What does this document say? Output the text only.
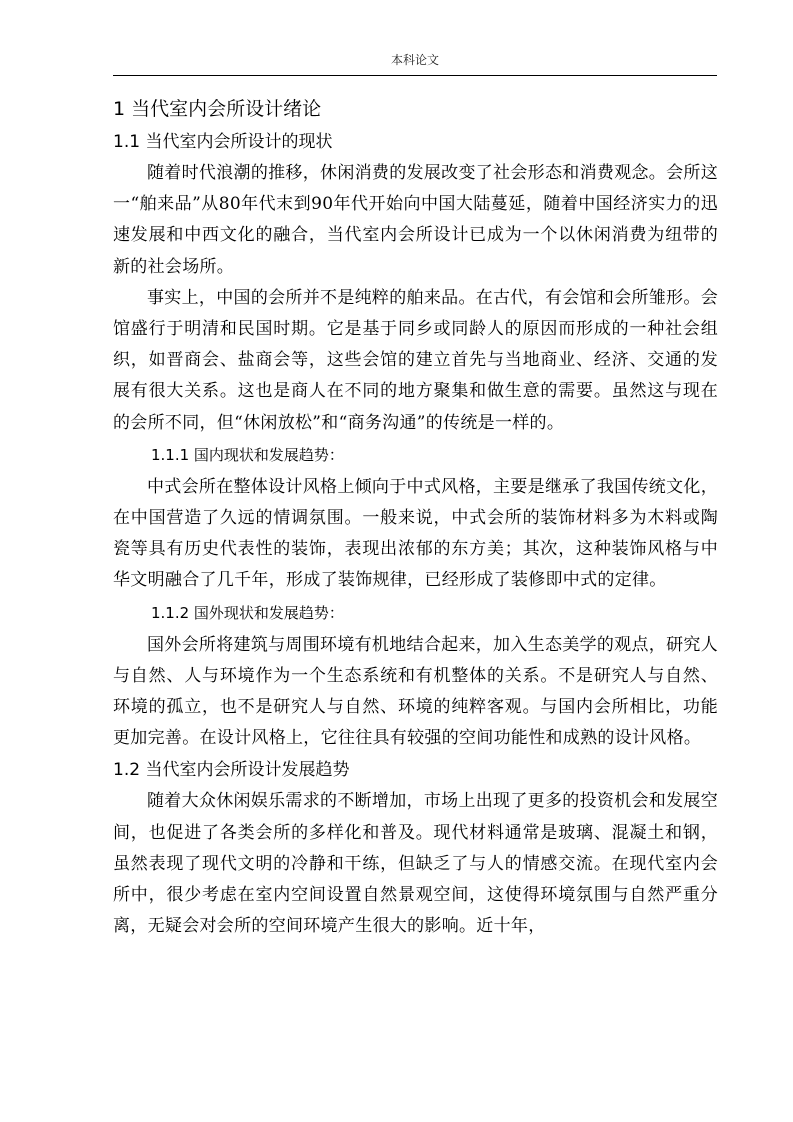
本科论文
1 当代室内会所设计绪论
1.1 当代室内会所设计的现状

随着时代浪潮的推移，休闲消费的发展改变了社会形态和消费观念。会所这一“舶来品”从80年代末到90年代开始向中国大陆蔓延，随着中国经济实力的迅速发展和中西文化的融合，当代室内会所设计已成为一个以休闲消费为纽带的新的社会场所。

事实上，中国的会所并不是纯粹的舶来品。在古代，有会馆和会所雏形。会馆盛行于明清和民国时期。它是基于同乡或同龄人的原因而形成的一种社会组织，如晋商会、盐商会等，这些会馆的建立首先与当地商业、经济、交通的发展有很大关系。这也是商人在不同的地方聚集和做生意的需要。虽然这与现在的会所不同，但“休闲放松”和“商务沟通”的传统是一样的。

1.1.1 国内现状和发展趋势：

中式会所在整体设计风格上倾向于中式风格，主要是继承了我国传统文化，在中国营造了久远的情调氛围。一般来说，中式会所的装饰材料多为木料或陶瓷等具有历史代表性的装饰，表现出浓郁的东方美；其次，这种装饰风格与中华文明融合了几千年，形成了装饰规律，已经形成了装修即中式的定律。

1.1.2 国外现状和发展趋势：

国外会所将建筑与周围环境有机地结合起来，加入生态美学的观点，研究人与自然、人与环境作为一个生态系统和有机整体的关系。不是研究人与自然、环境的孤立，也不是研究人与自然、环境的纯粹客观。与国内会所相比，功能更加完善。在设计风格上，它往往具有较强的空间功能性和成熟的设计风格。

1.2 当代室内会所设计发展趋势

随着大众休闲娱乐需求的不断增加，市场上出现了更多的投资机会和发展空间，也促进了各类会所的多样化和普及。现代材料通常是玻璃、混凝土和钢，虽然表现了现代文明的冷静和干练，但缺乏了与人的情感交流。在现代室内会所中，很少考虑在室内空间设置自然景观空间，这使得环境氛围与自然严重分离，无疑会对会所的空间环境产生很大的影响。近十年，
